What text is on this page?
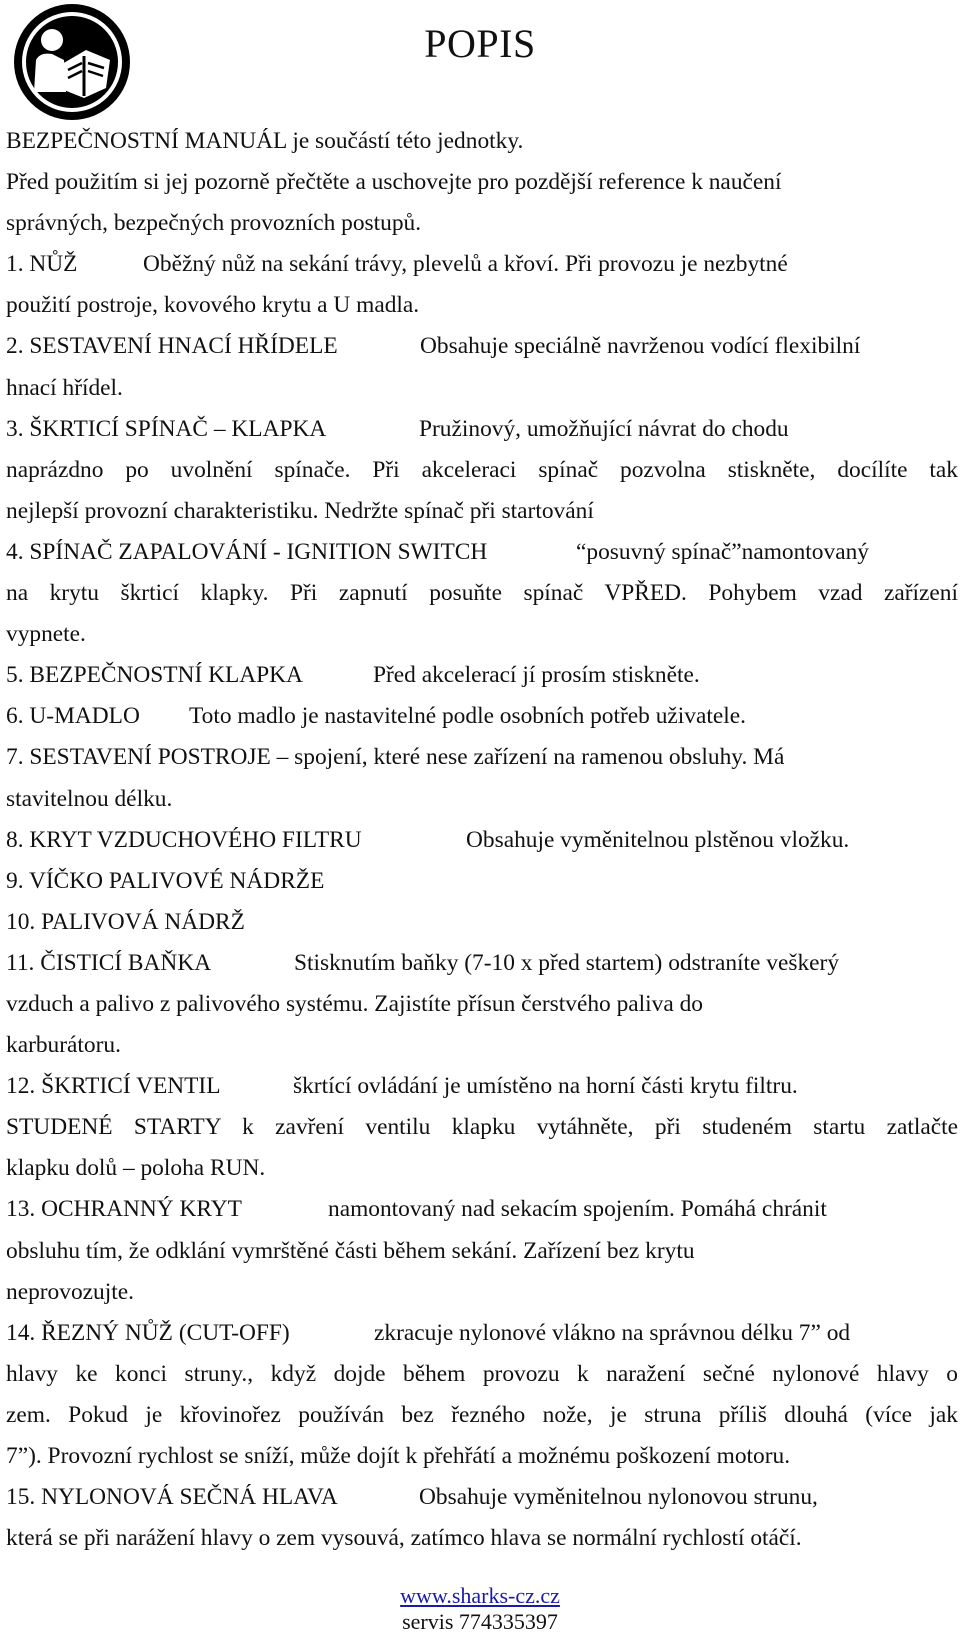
POPIS
BEZPEČNOSTNÍ MANUÁL je součástí této jednotky.
Před použitím si jej pozorně přečtěte a uschovejte pro pozdější reference k naučení
správných, bezpečných provozních postupů.
1. NŮŽ	Oběžný nůž na sekání trávy, plevelů a křoví. Při provozu je nezbytné
použití postroje, kovového krytu a U madla.
2. SESTAVENÍ HNACÍ HŘÍDELE	Obsahuje speciálně navrženou vodící flexibilní
hnací hřídel.
3. ŠKRTICÍ SPÍNAČ – KLAPKA	Pružinový, umožňující návrat do chodu
naprázdno po uvolnění spínače. Při akceleraci spínač pozvolna stiskněte, docílíte tak
nejlepší provozní charakteristiku. Nedržte spínač při startování
4. SPÍNAČ ZAPALOVÁNÍ - IGNITION SWITCH	“posuvný spínač”namontovaný
na krytu škrticí klapky. Při zapnutí posuňte spínač VPŘED. Pohybem vzad zařízení
vypnete.
5. BEZPEČNOSTNÍ KLAPKA	Před akcelerací jí prosím stiskněte.
6. U-MADLO Toto madlo je nastavitelné podle osobních potřeb uživatele.
7. SESTAVENÍ POSTROJE – spojení, které nese zařízení na ramenou obsluhy. Má
stavitelnou délku.
8. KRYT VZDUCHOVÉHO FILTRU	Obsahuje vyměnitelnou plstěnou vložku.
9. VÍČKO PALIVOVÉ NÁDRŽE
10. PALIVOVÁ NÁDRŽ
11. ČISTICÍ BAŇKA	Stisknutím baňky (7-10 x před startem) odstraníte veškerý
vzduch a palivo z palivového systému. Zajistíte přísun čerstvého paliva do
karburátoru.
12. ŠKRTICÍ VENTIL	škrtící ovládání je umístěno na horní části krytu filtru.
STUDENÉ STARTY k zavření ventilu klapku vytáhněte, při studeném startu zatlačte
klapku dolů – poloha RUN.
13. OCHRANNÝ KRYT	namontovaný nad sekacím spojením. Pomáhá chránit
obsluhu tím, že odklání vymrštěné části během sekání. Zařízení bez krytu
neprovozujte.
14. ŘEZNÝ NŮŽ (CUT-OFF)	zkracuje nylonové vlákno na správnou délku 7” od
hlavy ke konci struny., když dojde během provozu k naražení sečné nylonové hlavy o
zem. Pokud je křovinořez používán bez řezného nože, je struna příliš dlouhá (více jak
7”). Provozní rychlost se sníží, může dojít k přehřátí a možnému poškození motoru.
15. NYLONOVÁ SEČNÁ HLAVA	Obsahuje vyměnitelnou nylonovou strunu,
která se při narážení hlavy o zem vysouvá, zatímco hlava se normální rychlostí otáčí.
www.sharks-cz.cz
servis 774335397
